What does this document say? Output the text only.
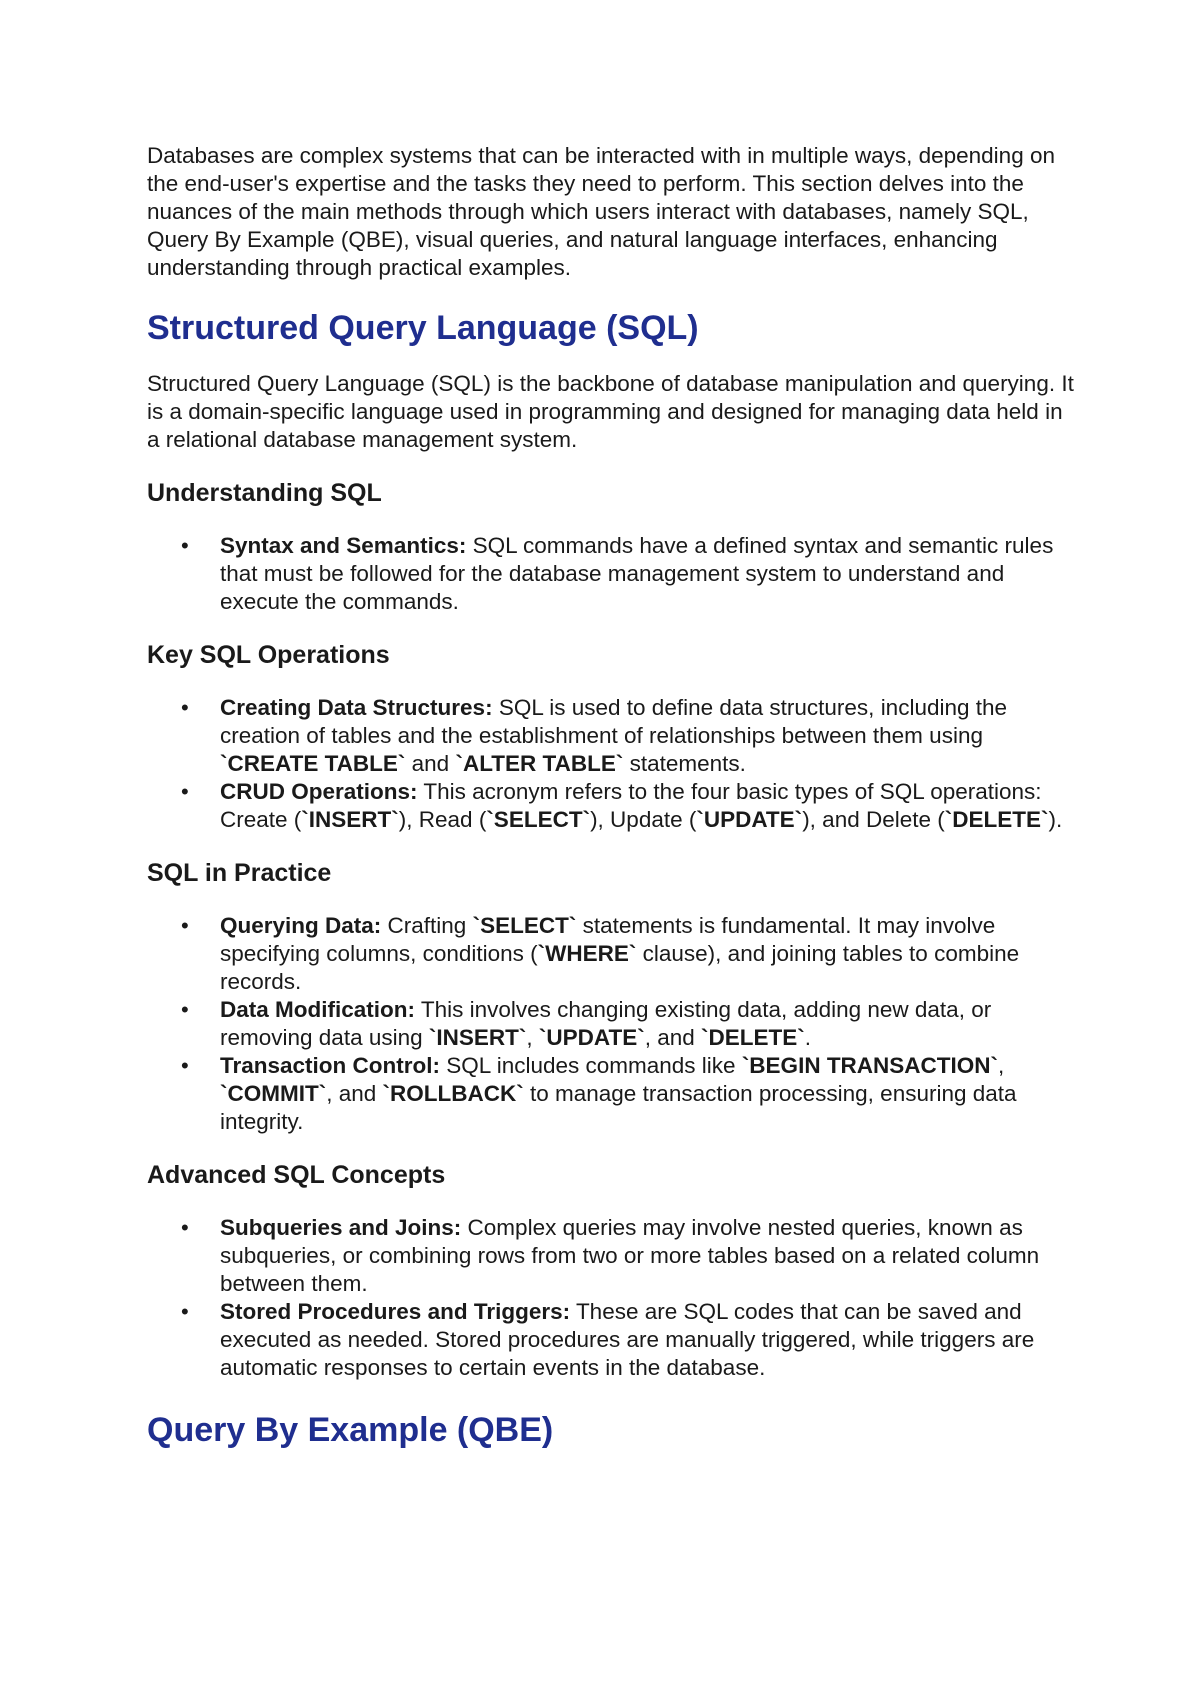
Databases are complex systems that can be interacted with in multiple ways, depending on the end-user's expertise and the tasks they need to perform. This section delves into the nuances of the main methods through which users interact with databases, namely SQL, Query By Example (QBE), visual queries, and natural language interfaces, enhancing understanding through practical examples.

Structured Query Language (SQL)

Structured Query Language (SQL) is the backbone of database manipulation and querying. It is a domain-specific language used in programming and designed for managing data held in a relational database management system.

Understanding SQL
• Syntax and Semantics: SQL commands have a defined syntax and semantic rules that must be followed for the database management system to understand and execute the commands.
Key SQL Operations
• Creating Data Structures: SQL is used to define data structures, including the creation of tables and the establishment of relationships between them using `CREATE TABLE` and `ALTER TABLE` statements.
• CRUD Operations: This acronym refers to the four basic types of SQL operations: Create (`INSERT`), Read (`SELECT`), Update (`UPDATE`), and Delete (`DELETE`).
SQL in Practice
• Querying Data: Crafting `SELECT` statements is fundamental. It may involve specifying columns, conditions (`WHERE` clause), and joining tables to combine records.
• Data Modification: This involves changing existing data, adding new data, or removing data using `INSERT`, `UPDATE`, and `DELETE`.
• Transaction Control: SQL includes commands like `BEGIN TRANSACTION`, `COMMIT`, and `ROLLBACK` to manage transaction processing, ensuring data integrity.
Advanced SQL Concepts
• Subqueries and Joins: Complex queries may involve nested queries, known as subqueries, or combining rows from two or more tables based on a related column between them.
• Stored Procedures and Triggers: These are SQL codes that can be saved and executed as needed. Stored procedures are manually triggered, while triggers are automatic responses to certain events in the database.
Query By Example (QBE)
